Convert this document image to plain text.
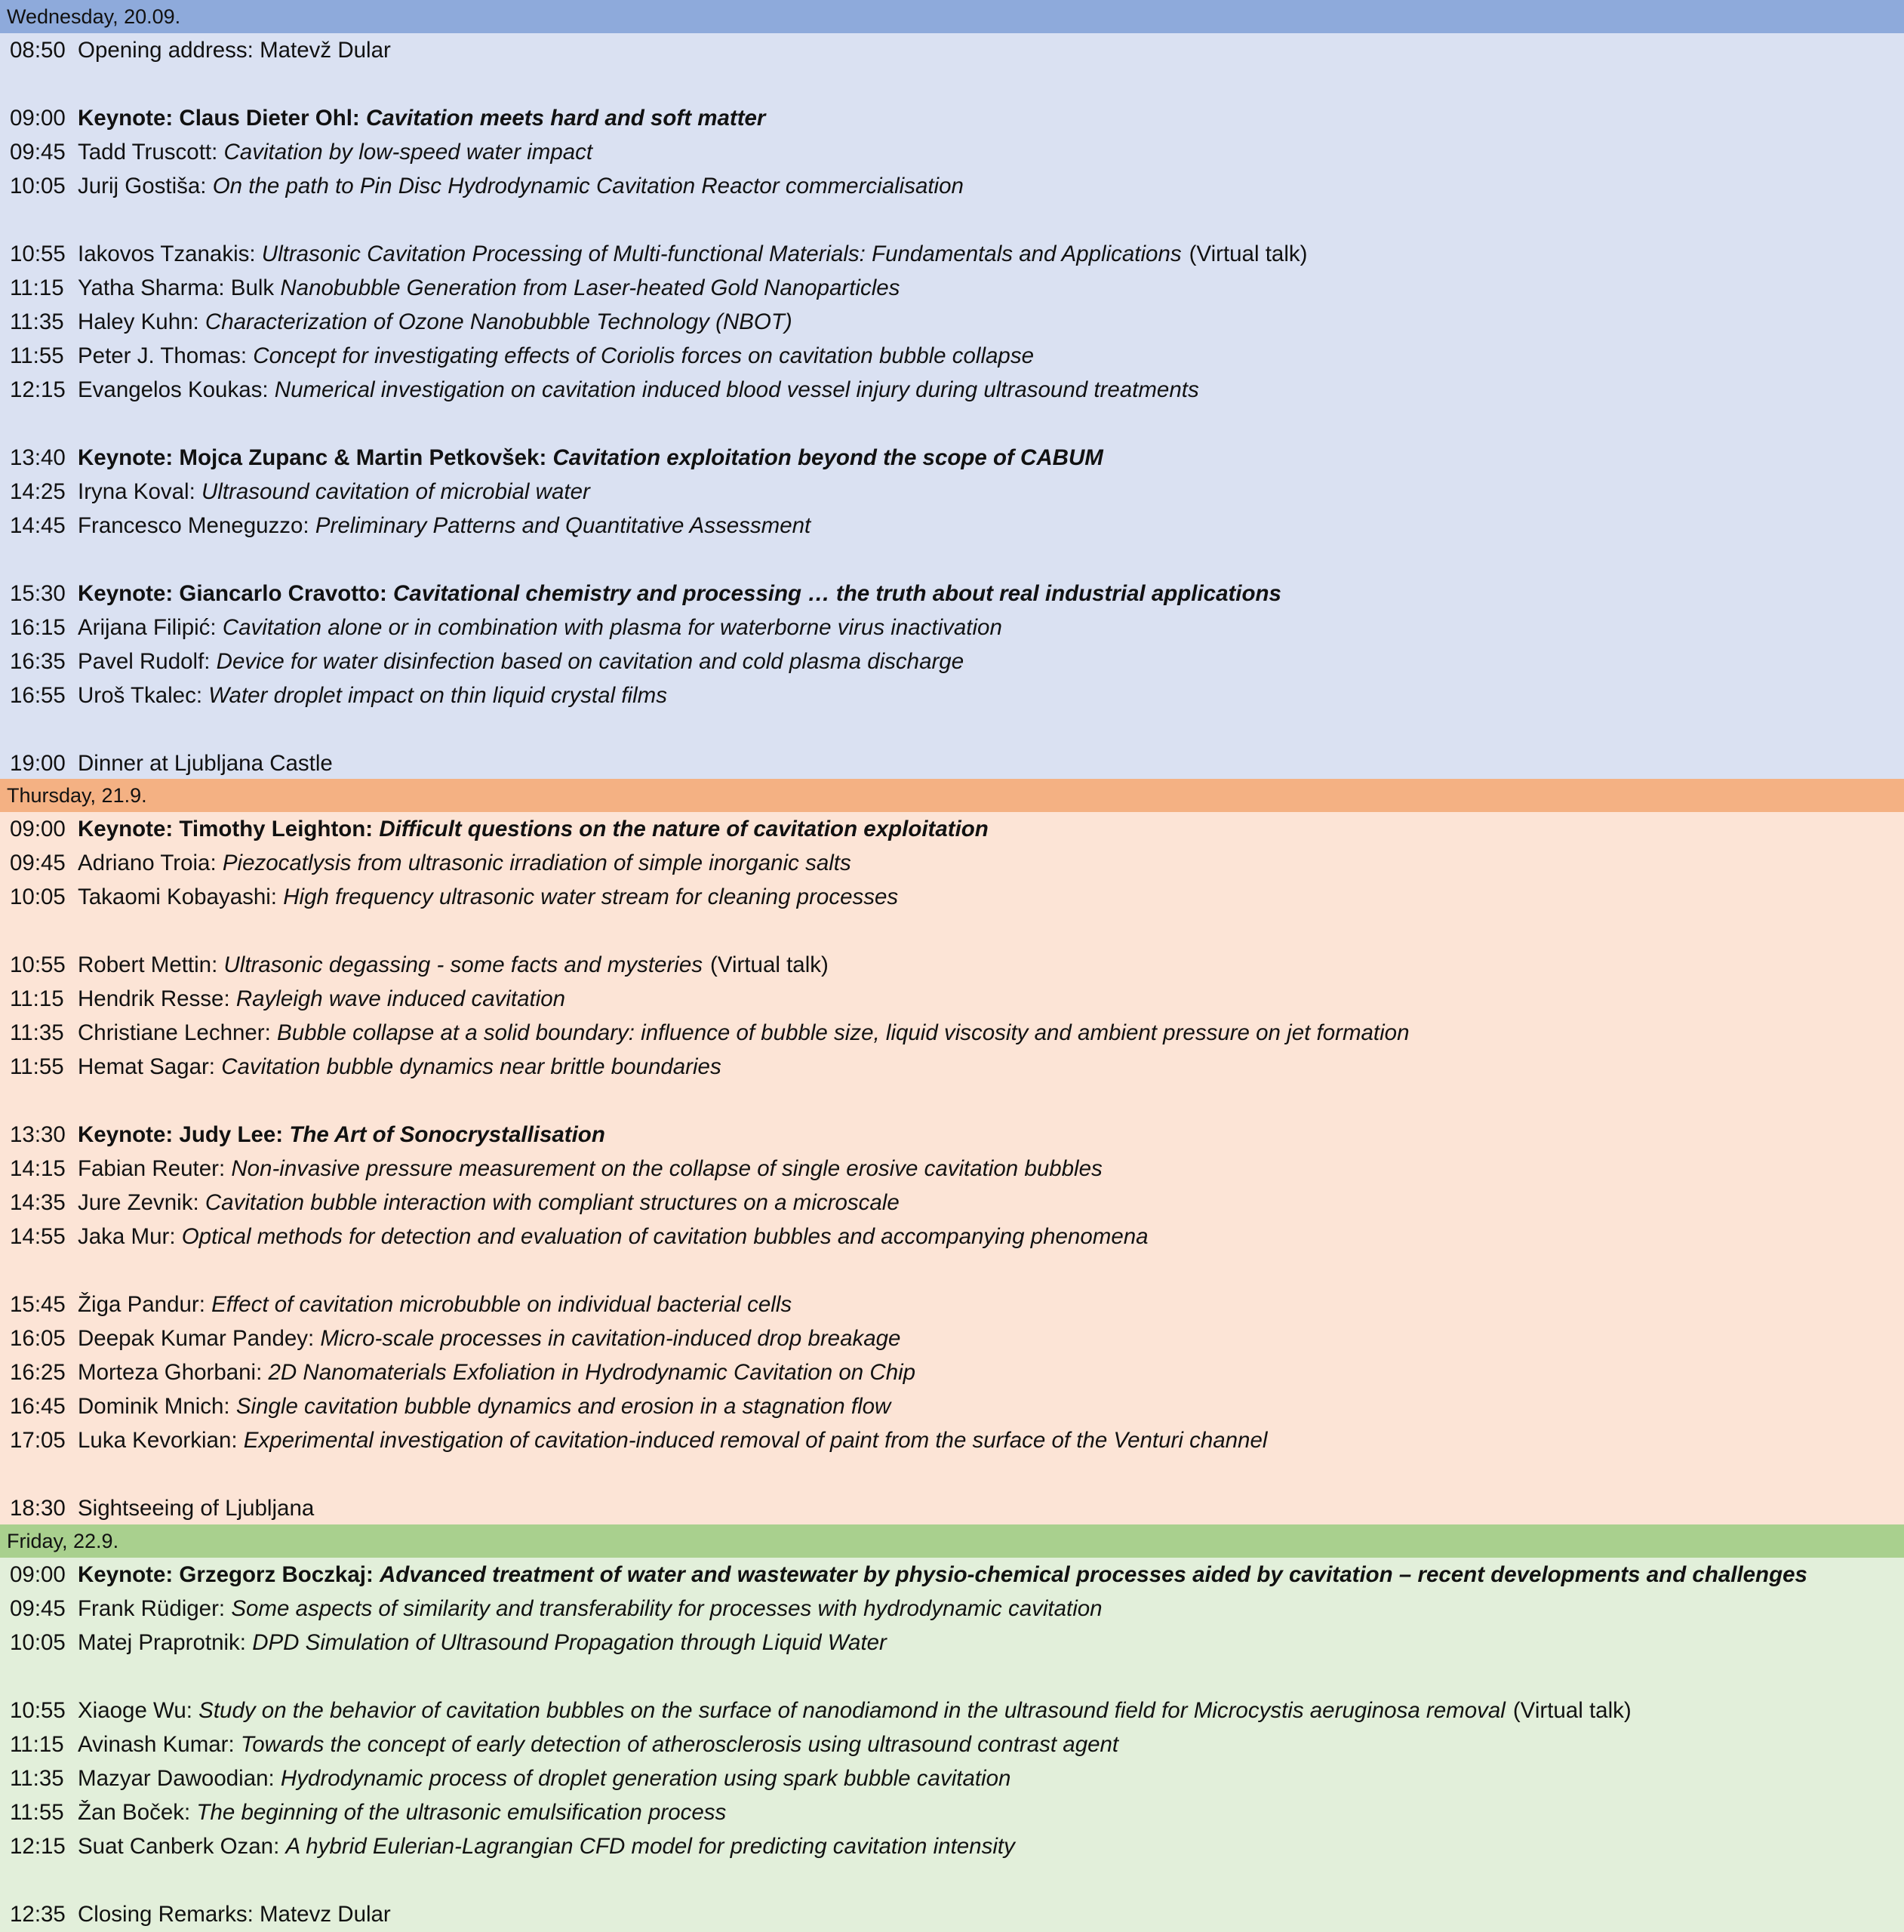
Wednesday, 20.09.
08:50 Opening address: Matevž Dular
09:00 Keynote: Claus Dieter Ohl: Cavitation meets hard and soft matter
09:45 Tadd Truscott: Cavitation by low-speed water impact
10:05 Jurij Gostiša: On the path to Pin Disc Hydrodynamic Cavitation Reactor commercialisation
10:55 Iakovos Tzanakis: Ultrasonic Cavitation Processing of Multi-functional Materials: Fundamentals and Applications (Virtual talk)
11:15 Yatha Sharma: Bulk Nanobubble Generation from Laser-heated Gold Nanoparticles
11:35 Haley Kuhn: Characterization of Ozone Nanobubble Technology (NBOT)
11:55 Peter J. Thomas: Concept for investigating effects of Coriolis forces on cavitation bubble collapse
12:15 Evangelos Koukas: Numerical investigation on cavitation induced blood vessel injury during ultrasound treatments
13:40 Keynote: Mojca Zupanc & Martin Petkovšek: Cavitation exploitation beyond the scope of CABUM
14:25 Iryna Koval: Ultrasound cavitation of microbial water
14:45 Francesco Meneguzzo: Preliminary Patterns and Quantitative Assessment
15:30 Keynote: Giancarlo Cravotto: Cavitational chemistry and processing … the truth about real industrial applications
16:15 Arijana Filipić: Cavitation alone or in combination with plasma for waterborne virus inactivation
16:35 Pavel Rudolf: Device for water disinfection based on cavitation and cold plasma discharge
16:55 Uroš Tkalec: Water droplet impact on thin liquid crystal films
19:00 Dinner at Ljubljana Castle
Thursday, 21.9.
09:00 Keynote: Timothy Leighton: Difficult questions on the nature of cavitation exploitation
09:45 Adriano Troia: Piezocatlysis from ultrasonic irradiation of simple inorganic salts
10:05 Takaomi Kobayashi: High frequency ultrasonic water stream for cleaning processes
10:55 Robert Mettin: Ultrasonic degassing - some facts and mysteries (Virtual talk)
11:15 Hendrik Resse: Rayleigh wave induced cavitation
11:35 Christiane Lechner: Bubble collapse at a solid boundary: influence of bubble size, liquid viscosity and ambient pressure on jet formation
11:55 Hemat Sagar: Cavitation bubble dynamics near brittle boundaries
13:30 Keynote: Judy Lee: The Art of Sonocrystallisation
14:15 Fabian Reuter: Non-invasive pressure measurement on the collapse of single erosive cavitation bubbles
14:35 Jure Zevnik: Cavitation bubble interaction with compliant structures on a microscale
14:55 Jaka Mur: Optical methods for detection and evaluation of cavitation bubbles and accompanying phenomena
15:45 Žiga Pandur: Effect of cavitation microbubble on individual bacterial cells
16:05 Deepak Kumar Pandey: Micro-scale processes in cavitation-induced drop breakage
16:25 Morteza Ghorbani: 2D Nanomaterials Exfoliation in Hydrodynamic Cavitation on Chip
16:45 Dominik Mnich: Single cavitation bubble dynamics and erosion in a stagnation flow
17:05 Luka Kevorkian: Experimental investigation of cavitation-induced removal of paint from the surface of the Venturi channel
18:30 Sightseeing of Ljubljana
Friday, 22.9.
09:00 Keynote: Grzegorz Boczkaj: Advanced treatment of water and wastewater by physio-chemical processes aided by cavitation – recent developments and challenges
09:45 Frank Rüdiger: Some aspects of similarity and transferability for processes with hydrodynamic cavitation
10:05 Matej Praprotnik: DPD Simulation of Ultrasound Propagation through Liquid Water
10:55 Xiaoge Wu: Study on the behavior of cavitation bubbles on the surface of nanodiamond in the ultrasound field for Microcystis aeruginosa removal (Virtual talk)
11:15 Avinash Kumar: Towards the concept of early detection of atherosclerosis using ultrasound contrast agent
11:35 Mazyar Dawoodian: Hydrodynamic process of droplet generation using spark bubble cavitation
11:55 Žan Boček: The beginning of the ultrasonic emulsification process
12:15 Suat Canberk Ozan: A hybrid Eulerian-Lagrangian CFD model for predicting cavitation intensity
12:35 Closing Remarks: Matevz Dular
